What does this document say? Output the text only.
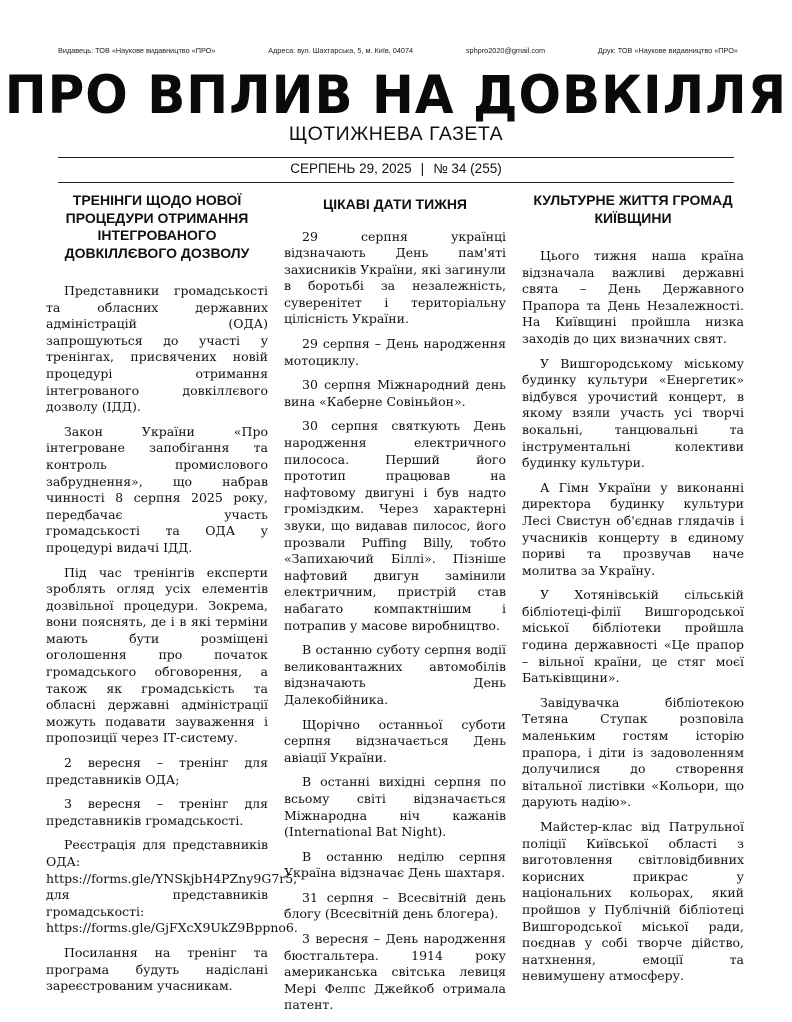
Видавець: ТОВ «Наукове видавництво «ПРО»	Адреса: вул. Шахтарська, 5, м. Київ, 04074	sphpro2020@gmail.com	Друк: ТОВ «Наукове видавництво «ПРО»
ПРО ВПЛИВ НА ДОВКІЛЛЯ
ЩОТИЖНЕВА ГАЗЕТА
СЕРПЕНЬ 29, 2025 | № 34 (255)
ТРЕНІНГИ ЩОДО НОВОЇ ПРОЦЕДУРИ ОТРИМАННЯ ІНТЕГРОВАНОГО ДОВКІЛЛЄВОГО ДОЗВОЛУ

Представники громадськості та обласних державних адміністрацій (ОДА) запрошуються до участі у тренінгах, присвячених новій процедурі отримання інтегрованого довкіллєвого дозволу (ІДД).

Закон України «Про інтегроване запобігання та контроль промислового забруднення», що набрав чинності 8 серпня 2025 року, передбачає участь громадськості та ОДА у процедурі видачі ІДД.

Під час тренінгів експерти зроблять огляд усіх елементів дозвільної процедури. Зокрема, вони пояснять, де і в які терміни мають бути розміщені оголошення про початок громадського обговорення, а також як громадськість та обласні державні адміністрації можуть подавати зауваження і пропозиції через ІТ-систему.

2 вересня – тренінг для представників ОДА;

3 вересня – тренінг для представників громадськості.

Реєстрація для представників ОДА: https://forms.gle/YNSkjbH4PZny9G7r5, для представників громадськості: https://forms.gle/GjFXcX9UkZ9Bppno6.

Посилання на тренінг та програма будуть надіслані зареєстрованим учасникам.

ЦІКАВІ ДАТИ ТИЖНЯ

29 серпня українці відзначають День пам'яті захисників України, які загинули в боротьбі за незалежність, суверенітет і територіальну цілісність України.

29 серпня – День народження мотоциклу.

30 серпня Міжнародний день вина «Каберне Совіньйон».

30 серпня святкують День народження електричного пилососа. Перший його прототип працював на нафтовому двигуні і був надто громіздким. Через характерні звуки, що видавав пилосос, його прозвали Puffing Billy, тобто «Запихаючий Біллі». Пізніше нафтовий двигун замінили електричним, пристрій став набагато компактнішим і потрапив у масове виробництво.

В останню суботу серпня водії великовантажних автомобілів відзначають День Далекобійника.

Щорічно останньої суботи серпня відзначається День авіації України.

В останні вихідні серпня по всьому світі відзначається Міжнародна ніч кажанів (International Bat Night).

В останню неділю серпня Україна відзначає День шахтаря.

31 серпня – Всесвітній день блогу (Всесвітній день блогера).

3 вересня – День народження бюстгальтера. 1914 року американська світська левиця Мері Фелпс Джейкоб отримала патент.

КУЛЬТУРНЕ ЖИТТЯ ГРОМАД КИЇВЩИНИ

Цього тижня наша країна відзначала важливі державні свята – День Державного Прапора та День Незалежності. На Київщині пройшла низка заходів до цих визначних свят.

У Вишгородському міському будинку культури «Енергетик» відбувся урочистий концерт, в якому взяли участь усі творчі вокальні, танцювальні та інструментальні колективи будинку культури.

А Гімн України у виконанні директора будинку культури Лесі Свистун об'єднав глядачів і учасників концерту в єдиному пориві та прозвучав наче молитва за Україну.

У Хотянівській сільській бібліотеці-філії Вишгородської міської бібліотеки пройшла година державності «Це прапор – вільної країни, це стяг моєї Батьківщини».

Завідувачка бібліотекою Тетяна Ступак розповіла маленьким гостям історію прапора, і діти із задоволенням долучилися до створення вітальної листівки «Кольори, що дарують надію».

Майстер-клас від Патрульної поліції Київської області з виготовлення світловідбивних корисних прикрас у національних кольорах, який пройшов у Публічній бібліотеці Вишгородської міської ради, поєднав у собі творче дійство, натхнення, емоції та невимушену атмосферу.
